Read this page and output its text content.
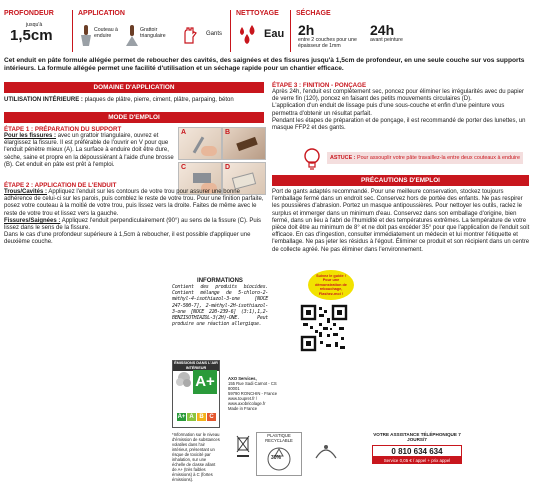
PROFONDEUR
jusqu'à
1,5cm
APPLICATION
Couteau à enduire
Grattoir triangulaire	Gants
NETTOYAGE
Eau
SÉCHAGE
2h
entre 2 couches pour une épaisseur de 1mm
24h
avant peinture
Cet enduit en pâte formule allégée permet de reboucher des cavités, des saignées et des fissures jusqu'à 1,5cm de profondeur, en une seule couche sur vos supports intérieurs. La formule allégée permet une facilité d'utilisation et un séchage rapide pour un chantier efficace.
DOMAINE D'APPLICATION
UTILISATION INTÉRIEURE : plaques de plâtre, pierre, ciment, plâtre, parpaing, béton
MODE D'EMPLOI
ÉTAPE 1 : PRÉPARATION DU SUPPORT
Pour les fissures : avec un grattoir triangulaire, ouvrez et élargissez la fissure. Il est préférable de l'ouvrir en V pour que l'enduit pénètre mieux (A). La surface à enduire doit être dure, sèche, saine et propre en la dépoussiérant à l'aide d'une brosse (B). Cet enduit en pâte est prêt à l'emploi.
A	B
C	D
ÉTAPE 2 : APPLICATION DE L'ENDUIT
Trous/Cavités : Appliquez l'enduit sur les contours de votre trou pour assurer une bonne adhérence de celui-ci sur les parois, puis comblez le reste de votre trou. Pour une finition parfaite, posez votre couteau à la moitié de votre trou, puis lissez vers la droite. Faites de même avec le reste de votre trou et lissez vers la gauche.
Fissures/Saignées : Appliquez l'enduit perpendiculairement (90°) au sens de la fissure (C). Puis lissez dans le sens de la fissure.
Dans le cas d'une profondeur supérieure à 1,5cm à reboucher, il est possible d'appliquer une deuxième couche.
ÉTAPE 3 : FINITION - PONÇAGE
Après 24h, l'enduit est complètement sec, poncez pour éliminer les irrégularités avec du papier de verre fin (120), poncez en faisant des petits mouvements circulaires (D).
L'application d'un enduit de lissage puis d'une sous-couche et enfin d'une peinture vous permettra d'obtenir un résultat parfait.
Pendant les étapes de préparation et de ponçage, il est recommandé de porter des lunettes, un masque FFP2 et des gants.
ASTUCE : Pour assouplir votre pâte travaillez-la entre deux couteaux à enduire
PRÉCAUTIONS D'EMPLOI
Port de gants adaptés recommandé. Pour une meilleure conservation, stockez toujours l'emballage fermé dans un endroit sec. Conservez hors de portée des enfants. Ne pas respirer les poussières d'abrasion. Portez un masque antipoussières. Pour nettoyer les outils, raclez le surplus et immerger dans un minimum d'eau. Conservez dans son emballage d'origine, bien fermé, dans un lieu à l'abri de l'humidité et des températures extrêmes. La température de votre pièce doit être au minimum de 8° et ne doit pas excéder 35° pour que l'application de l'enduit soit efficace. En cas d'ingestion, consulter immédiatement un médecin et lui montrer l'étiquette et l'emballage. Ne pas jeter les résidus à l'égout. Éliminer ce produit et son récipient dans un centre de collecte agréé. Ne pas éliminer dans l'environnement.
INFORMATIONS
Contient des produits biocides. Contient mélange de 5-chloro-2-méthyl-4-isothiazol-3-one [NOCE 247-500-7], 2-méthyl-2H-isothiazol-3-one [NOCE 220-239-6] (3:1),1,2-BENZISOTHIAZOL-3(2H)-ONE. Peut produire une réaction allergique.
Suivez le guide ! Pour une démonstration de rebouchage, Flashez-moi !
ÉMISSIONS DANS L'AIR INTÉRIEUR
A+
A+ A B C
AXO Services,
155 Rue Sadi Carnot - CS 80001
59790 RONCHIN - France
www.toupret.fr / www.axobricolage.fr
Made in France
*Information sur le niveau d'émission de substances volatiles dans l'air intérieur, présentant un risque de toxicité par inhalation, sur une échelle de classe allant de A+ (très faibles émissions) à C (fortes émissions).
PLASTIQUE RECYCLABLE
30%
VOTRE ASSISTANCE TÉLÉPHONIQUE 7 JOURS/7
0 810 634 634
Service 0,05 € / appel + prix appel
